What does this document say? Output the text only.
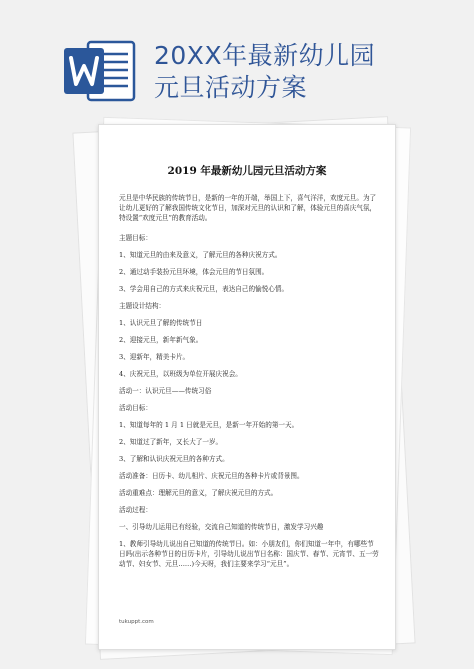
20XX年最新幼儿园
元旦活动方案
2019 年最新幼儿园元旦活动方案
元旦是中华民族的传统节日，是新的一年的开端，举国上下，喜气洋洋，欢度元旦。为了让幼儿更好的了解我国传统文化节日，加深对元旦的认识和了解，体验元旦的喜庆气氛，特设置“欢度元旦”的教育活动。
主题目标：
1、知道元旦的由来及意义，了解元旦的各种庆祝方式。
2、通过动手装扮元旦环境，体会元旦的节日氛围。
3、学会用自己的方式来庆祝元旦，表达自己的愉悦心情。
主题设计结构：
1、认识元旦了解的传统节日
2、迎接元旦，新年新气象。
3、迎新年，精美卡片。
4、庆祝元旦，以班级为单位开展庆祝会。
活动一：认识元旦——传统习俗
活动目标：
1、知道每年的 1 月 1 日就是元旦，是新一年开始的第一天。
2、知道过了新年，又长大了一岁。
3、了解和认识庆祝元旦的各种方式。
活动准备：日历卡、幼儿相片、庆祝元旦的各种卡片或背景图。
活动重难点：理解元旦的意义，了解庆祝元旦的方式。
活动过程：
一、引导幼儿运用已有经验，交流自己知道的传统节日，激发学习兴趣
1、教师引导幼儿说出自己知道的传统节日。如：小朋友们，你们知道一年中，有哪些节日吗(出示各种节日的日历卡片，引导幼儿说出节日名称：国庆节、春节、元宵节、五一劳动节、妇女节、元旦……)今天呀，我们主要来学习“元旦”。
tukuppt.com
